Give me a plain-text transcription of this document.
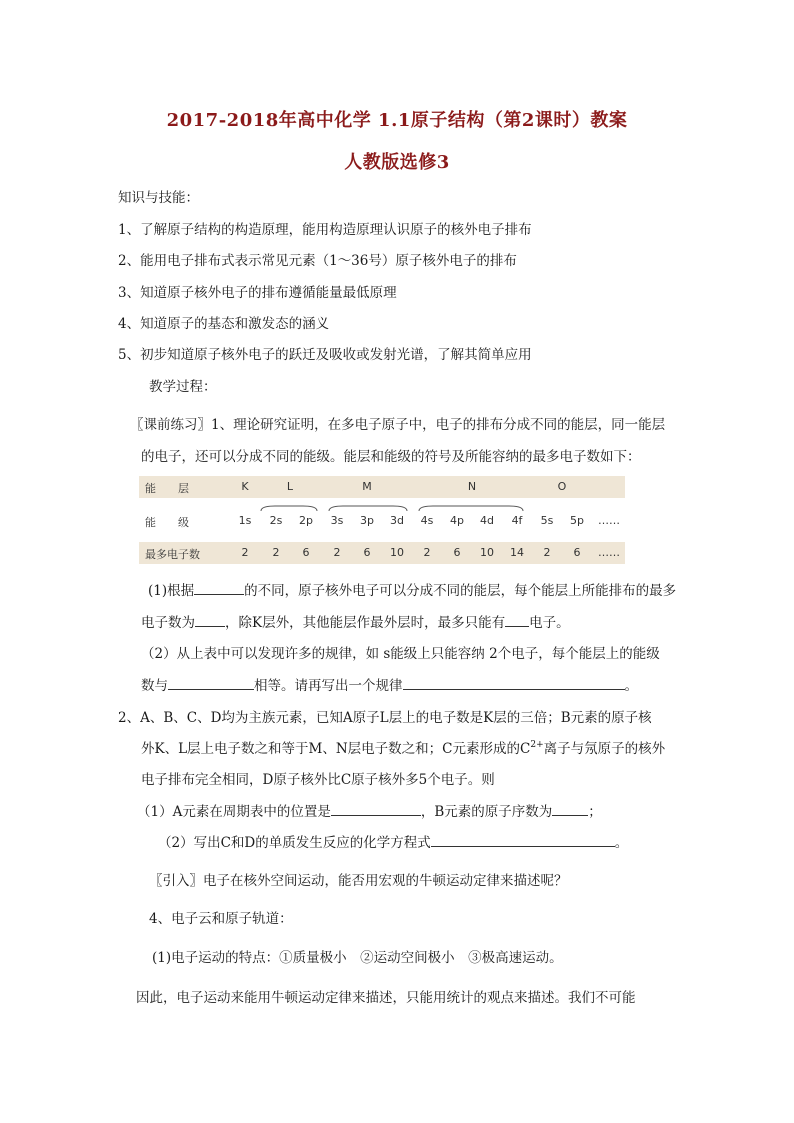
2017-2018年高中化学 1.1原子结构（第2课时）教案
人教版选修3
知识与技能：
1、了解原子结构的构造原理，能用构造原理认识原子的核外电子排布
2、能用电子排布式表示常见元素（1～36号）原子核外电子的排布
3、知道原子核外电子的排布遵循能量最低原理
4、知道原子的基态和激发态的涵义
5、初步知道原子核外电子的跃迁及吸收或发射光谱，了解其简单应用
教学过程：
〖课前练习〗1、理论研究证明，在多电子原子中，电子的排布分成不同的能层，同一能层
的电子，还可以分成不同的能级。能层和能级的符号及所能容纳的最多电子数如下：
能　　层	K	L	M	N	O
能　　级	1s 2s 2p 3s 3p 3d 4s 4p 4d 4f 5s 5p ……
最多电子数	2 2 6 2 6 10 2 6 10 14 2 6 ……
(1)根据	的不同，原子核外电子可以分成不同的能层，每个能层上所能排布的最多
电子数为 ，除K层外，其他能层作最外层时，最多只能有 电子。
（2）从上表中可以发现许多的规律，如 s能级上只能容纳 2个电子，每个能层上的能级
数与	相等。请再写出一个规律	。
2、A、B、C、D均为主族元素，已知A原子L层上的电子数是K层的三倍；B元素的原子核
外K、L层上电子数之和等于M、N层电子数之和；C元素形成的$C^{2+}$离子与氖原子的核外
电子排布完全相同，D原子核外比C原子核外多5个电子。则
（1）A元素在周期表中的位置是	，B元素的原子序数为	；
（2）写出C和D的单质发生反应的化学方程式	。
〖引入〗电子在核外空间运动，能否用宏观的牛顿运动定律来描述呢？
4、电子云和原子轨道：
(1)电子运动的特点：①质量极小　②运动空间极小　③极高速运动。
因此，电子运动来能用牛顿运动定律来描述，只能用统计的观点来描述。我们不可能
